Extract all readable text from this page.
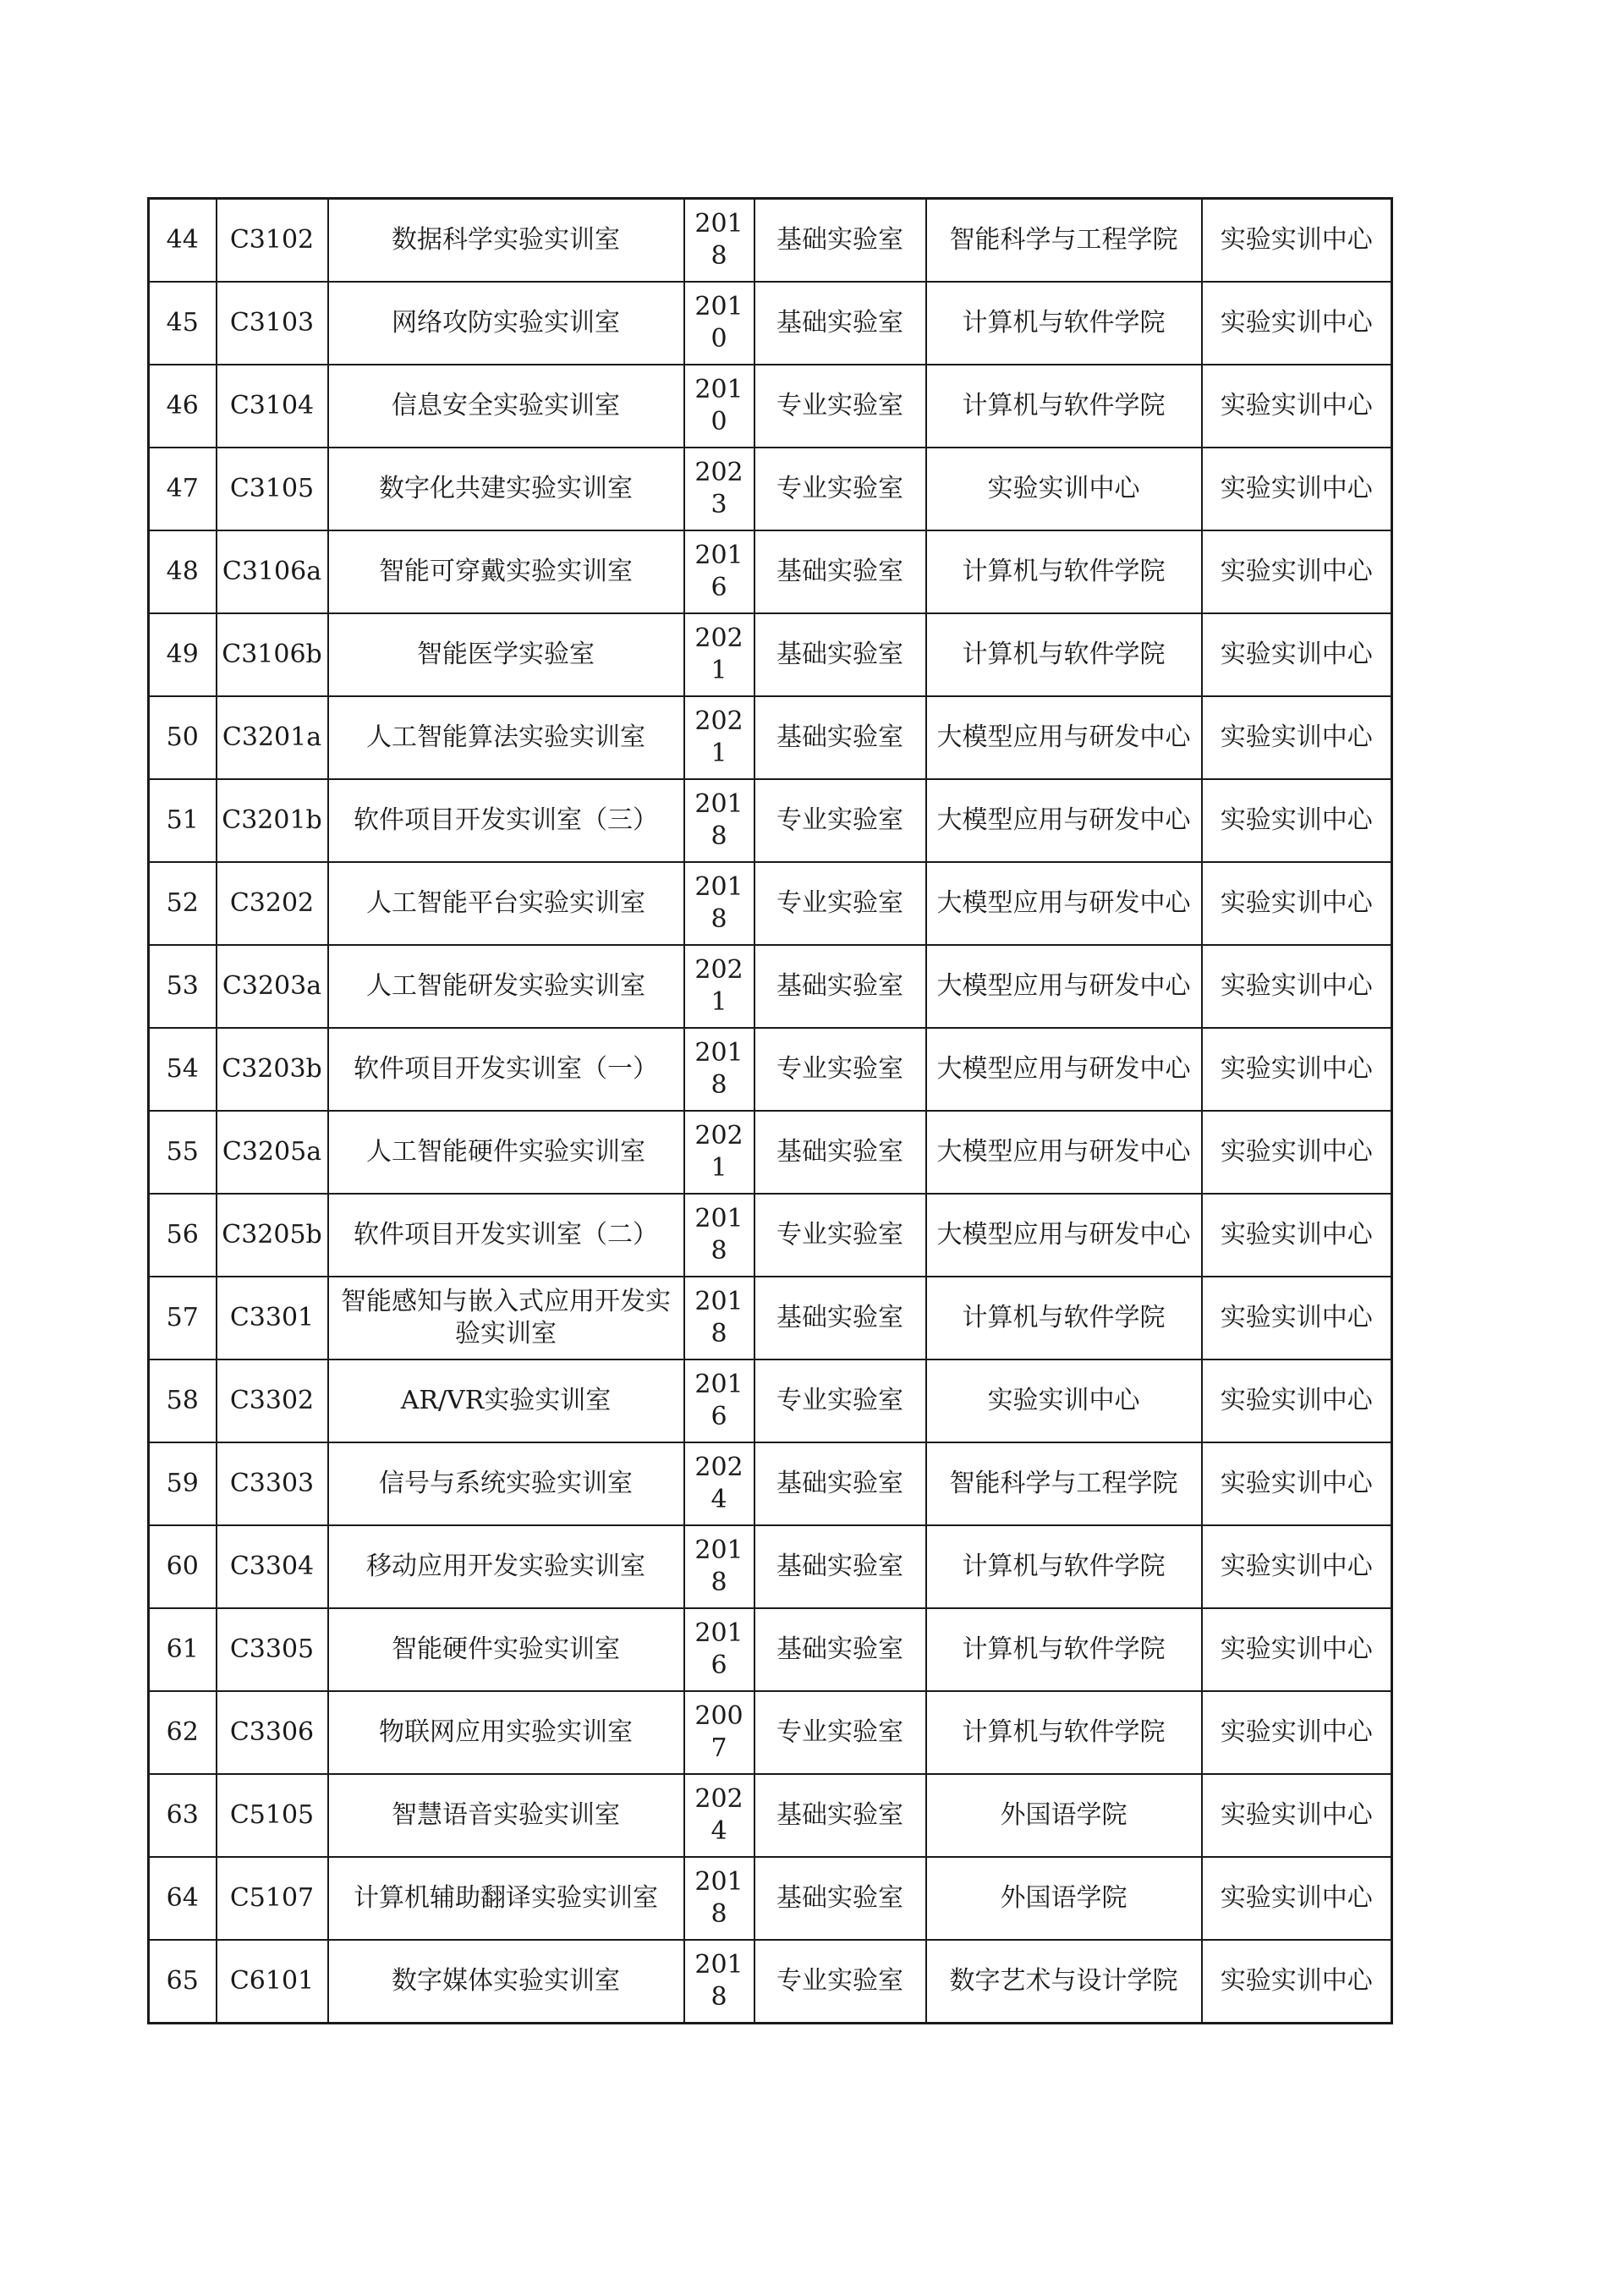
44	C3102	数据科学实验实训室	2018	基础实验室	智能科学与工程学院	实验实训中心
45	C3103	网络攻防实验实训室	2010	基础实验室	计算机与软件学院	实验实训中心
46	C3104	信息安全实验实训室	2010	专业实验室	计算机与软件学院	实验实训中心
47	C3105	数字化共建实验实训室	2023	专业实验室	实验实训中心	实验实训中心
48	C3106a	智能可穿戴实验实训室	2016	基础实验室	计算机与软件学院	实验实训中心
49	C3106b	智能医学实验室	2021	基础实验室	计算机与软件学院	实验实训中心
50	C3201a	人工智能算法实验实训室	2021	基础实验室	大模型应用与研发中心	实验实训中心
51	C3201b	软件项目开发实训室（三）	2018	专业实验室	大模型应用与研发中心	实验实训中心
52	C3202	人工智能平台实验实训室	2018	专业实验室	大模型应用与研发中心	实验实训中心
53	C3203a	人工智能研发实验实训室	2021	基础实验室	大模型应用与研发中心	实验实训中心
54	C3203b	软件项目开发实训室（一）	2018	专业实验室	大模型应用与研发中心	实验实训中心
55	C3205a	人工智能硬件实验实训室	2021	基础实验室	大模型应用与研发中心	实验实训中心
56	C3205b	软件项目开发实训室（二）	2018	专业实验室	大模型应用与研发中心	实验实训中心
57	C3301	智能感知与嵌入式应用开发实验实训室	2018	基础实验室	计算机与软件学院	实验实训中心
58	C3302	AR/VR实验实训室	2016	专业实验室	实验实训中心	实验实训中心
59	C3303	信号与系统实验实训室	2024	基础实验室	智能科学与工程学院	实验实训中心
60	C3304	移动应用开发实验实训室	2018	基础实验室	计算机与软件学院	实验实训中心
61	C3305	智能硬件实验实训室	2016	基础实验室	计算机与软件学院	实验实训中心
62	C3306	物联网应用实验实训室	2007	专业实验室	计算机与软件学院	实验实训中心
63	C5105	智慧语音实验实训室	2024	基础实验室	外国语学院	实验实训中心
64	C5107	计算机辅助翻译实验实训室	2018	基础实验室	外国语学院	实验实训中心
65	C6101	数字媒体实验实训室	2018	专业实验室	数字艺术与设计学院	实验实训中心
